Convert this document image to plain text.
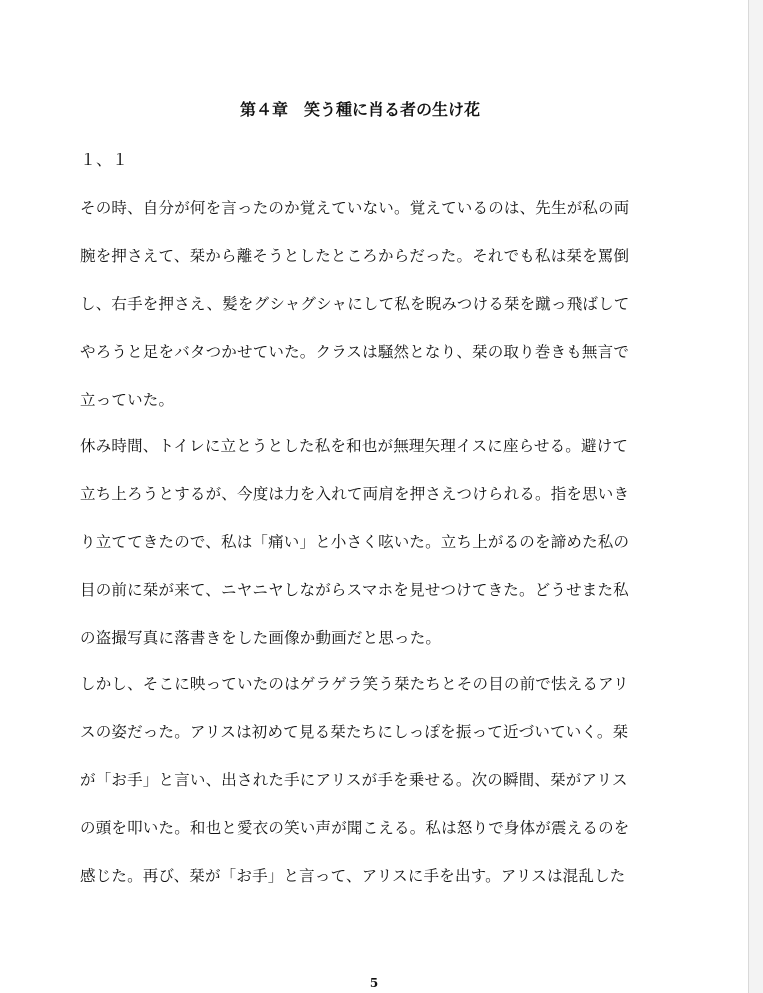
第４章　笑う種に肖る者の生け花
１、１
その時、自分が何を言ったのか覚えていない。覚えているのは、先生が私の両
腕を押さえて、栞から離そうとしたところからだった。それでも私は栞を罵倒
し、右手を押さえ、髪をグシャグシャにして私を睨みつける栞を蹴っ飛ばして
やろうと足をバタつかせていた。クラスは騒然となり、栞の取り巻きも無言で
立っていた。
休み時間、トイレに立とうとした私を和也が無理矢理イスに座らせる。避けて
立ち上ろうとするが、今度は力を入れて両肩を押さえつけられる。指を思いき
り立ててきたので、私は「痛い」と小さく呟いた。立ち上がるのを諦めた私の
目の前に栞が来て、ニヤニヤしながらスマホを見せつけてきた。どうせまた私
の盗撮写真に落書きをした画像か動画だと思った。
しかし、そこに映っていたのはゲラゲラ笑う栞たちとその目の前で怯えるアリ
スの姿だった。アリスは初めて見る栞たちにしっぽを振って近づいていく。栞
が「お手」と言い、出された手にアリスが手を乗せる。次の瞬間、栞がアリス
の頭を叩いた。和也と愛衣の笑い声が聞こえる。私は怒りで身体が震えるのを
感じた。再び、栞が「お手」と言って、アリスに手を出す。アリスは混乱した
5
